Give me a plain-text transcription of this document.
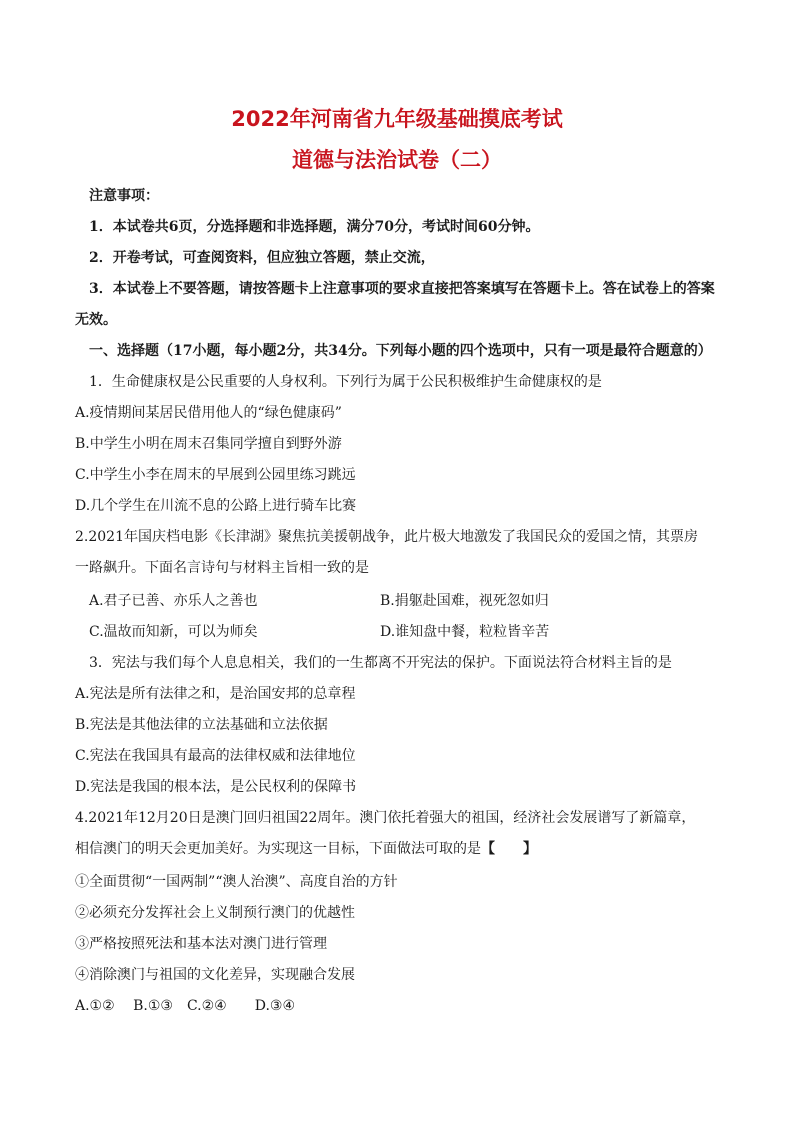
2022年河南省九年级基础摸底考试
道德与法治试卷（二）
注意事项：
1．本试卷共6页，分选择题和非选择题，满分70分，考试时间60分钟。
2．开卷考试，可查阅资料，但应独立答题，禁止交流，
3．本试卷上不要答题，请按答题卡上注意事项的要求直接把答案填写在答题卡上。答在试卷上的答案
无效。
一、选择题（17小题，每小题2分，共34分。下列每小题的四个选项中，只有一项是最符合题意的）
1．生命健康权是公民重要的人身权利。下列行为属于公民积极维护生命健康权的是
A.疫情期间某居民借用他人的“绿色健康码”
B.中学生小明在周末召集同学擅自到野外游
C.中学生小李在周末的早展到公园里练习跳远
D.几个学生在川流不息的公路上进行骑车比赛
2.2021年国庆档电影《长津湖》聚焦抗美援朝战争，此片极大地激发了我国民众的爱国之情，其票房
一路飙升。下面名言诗句与材料主旨相一致的是
A.君子已善、亦乐人之善也	B.捐躯赴国难，视死忽如归
C.温故而知新，可以为师矣	D.谁知盘中餐，粒粒皆辛苦
3．宪法与我们每个人息息相关，我们的一生都离不开宪法的保护。下面说法符合材料主旨的是
A.宪法是所有法律之和，是治国安邦的总章程
B.宪法是其他法律的立法基础和立法依据
C.宪法在我国具有最高的法律权威和法律地位
D.宪法是我国的根本法，是公民权利的保障书
4.2021年12月20日是澳门回归祖国22周年。澳门依托着强大的祖国，经济社会发展谱写了新篇章，
相信澳门的明天会更加美好。为实现这一目标，下面做法可取的是【　　】
①全面贯彻“一国两制”“澳人治澳”、高度自治的方针
②必须充分发挥社会上义制预行澳门的优越性
③严格按照死法和基本法对澳门进行管理
④消除澳门与祖国的文化差异，实现融合发展
A.①②　 B.①③　C.②④　　D.③④
